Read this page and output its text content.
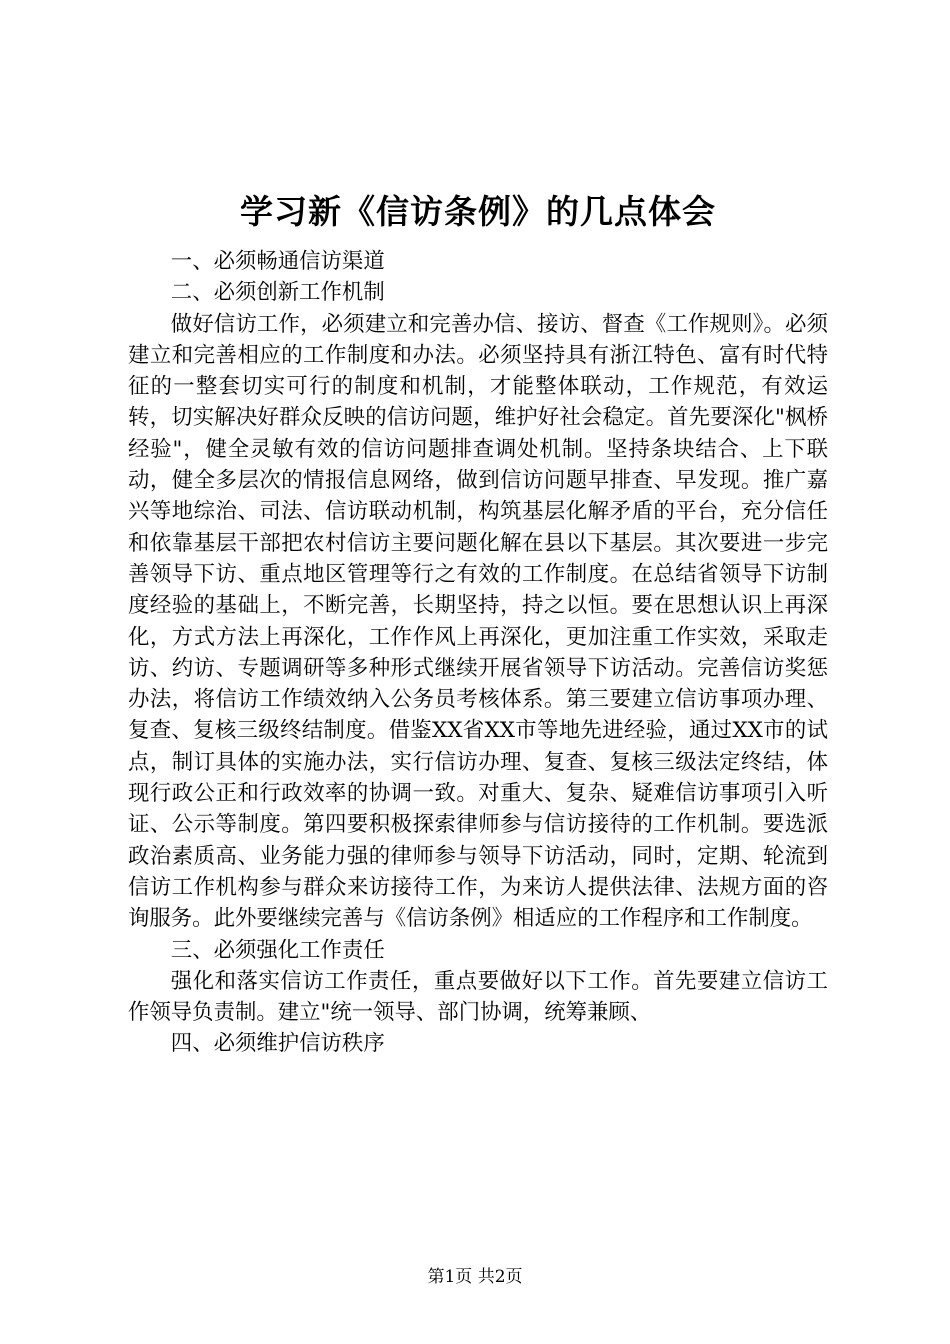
学习新《信访条例》的几点体会

一、必须畅通信访渠道

二、必须创新工作机制

做好信访工作，必须建立和完善办信、接访、督查《工作规则》。必须建立和完善相应的工作制度和办法。必须坚持具有浙江特色、富有时代特征的一整套切实可行的制度和机制，才能整体联动，工作规范，有效运转，切实解决好群众反映的信访问题，维护好社会稳定。首先要深化"枫桥经验"，健全灵敏有效的信访问题排查调处机制。坚持条块结合、上下联动，健全多层次的情报信息网络，做到信访问题早排查、早发现。推广嘉兴等地综治、司法、信访联动机制，构筑基层化解矛盾的平台，充分信任和依靠基层干部把农村信访主要问题化解在县以下基层。其次要进一步完善领导下访、重点地区管理等行之有效的工作制度。在总结省领导下访制度经验的基础上，不断完善，长期坚持，持之以恒。要在思想认识上再深化，方式方法上再深化，工作作风上再深化，更加注重工作实效，采取走访、约访、专题调研等多种形式继续开展省领导下访活动。完善信访奖惩办法，将信访工作绩效纳入公务员考核体系。第三要建立信访事项办理、复查、复核三级终结制度。借鉴XX省XX市等地先进经验，通过XX市的试点，制订具体的实施办法，实行信访办理、复查、复核三级法定终结，体现行政公正和行政效率的协调一致。对重大、复杂、疑难信访事项引入听证、公示等制度。第四要积极探索律师参与信访接待的工作机制。要选派政治素质高、业务能力强的律师参与领导下访活动，同时，定期、轮流到信访工作机构参与群众来访接待工作，为来访人提供法律、法规方面的咨询服务。此外要继续完善与《信访条例》相适应的工作程序和工作制度。

三、必须强化工作责任

强化和落实信访工作责任，重点要做好以下工作。首先要建立信访工作领导负责制。建立"统一领导、部门协调，统筹兼顾、

四、必须维护信访秩序

第1页 共2页
